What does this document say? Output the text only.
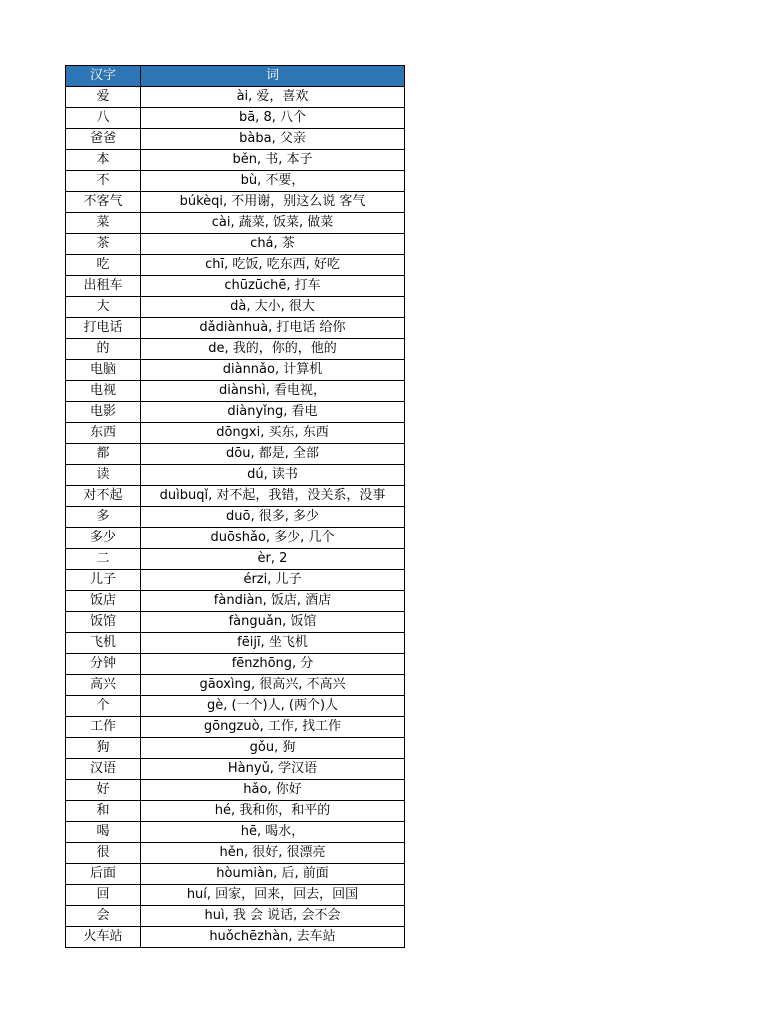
汉字	词
爱	ài, 爱，喜欢
八	bā, 8, 八个
爸爸	bàba, 父亲
本	běn, 书, 本子
不	bù, 不要，
不客气	búkèqi, 不用谢，别这么说 客气
菜	cài, 蔬菜, 饭菜, 做菜
茶	chá, 茶
吃	chī, 吃饭, 吃东西, 好吃
出租车	chūzūchē, 打车
大	dà, 大小, 很大
打电话	dǎdiànhuà, 打电话 给你
的	de, 我的，你的，他的
电脑	diànnǎo, 计算机
电视	diànshì, 看电视，
电影	diànyǐng, 看电
东西	dōngxi, 买东, 东西
都	dōu, 都是, 全部
读	dú, 读书
对不起	duìbuqǐ, 对不起，我错，没关系，没事
多	duō, 很多, 多少
多少	duōshǎo, 多少, 几个
二	èr, 2
儿子	érzi, 儿子
饭店	fàndiàn, 饭店, 酒店
饭馆	fànguǎn, 饭馆
飞机	fēijī, 坐飞机
分钟	fēnzhōng, 分
高兴	gāoxìng, 很高兴, 不高兴
个	gè, (一个)人, (两个)人
工作	gōngzuò, 工作, 找工作
狗	gǒu, 狗
汉语	Hànyǔ, 学汉语
好	hǎo, 你好
和	hé, 我和你，和平的
喝	hē, 喝水，
很	hěn, 很好, 很漂亮
后面	hòumiàn, 后, 前面
回	huí, 回家，回来，回去，回国
会	huì, 我 会 说话, 会不会
火车站	huǒchēzhàn, 去车站
